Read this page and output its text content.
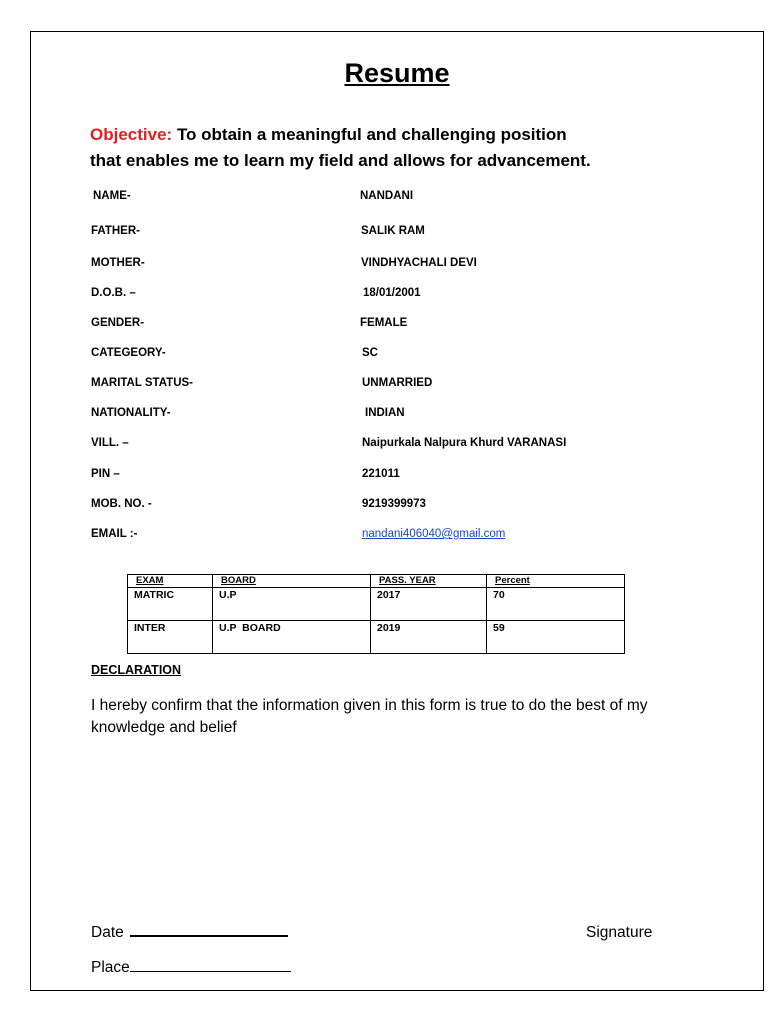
Resume
Objective: To obtain a meaningful and challenging position
that enables me to learn my field and allows for advancement.
NAME-	NANDANI
FATHER-	SALIK RAM
MOTHER-	VINDHYACHALI DEVI
D.O.B. –	18/01/2001
GENDER-	FEMALE
CATEGEORY-	SC
MARITAL STATUS-	UNMARRIED
NATIONALITY-	INDIAN
VILL. –	Naipurkala Nalpura Khurd VARANASI
PIN –	221011
MOB. NO. -	9219399973
EMAIL :-	nandani406040@gmail.com
EXAM	BOARD	PASS. YEAR	Percent
MATRIC	U.P	2017	70
INTER	U.P  BOARD	2019	59
DECLARATION
I hereby confirm that the information given in this form is true to do the best of my knowledge and belief
Date	Signature
Place
